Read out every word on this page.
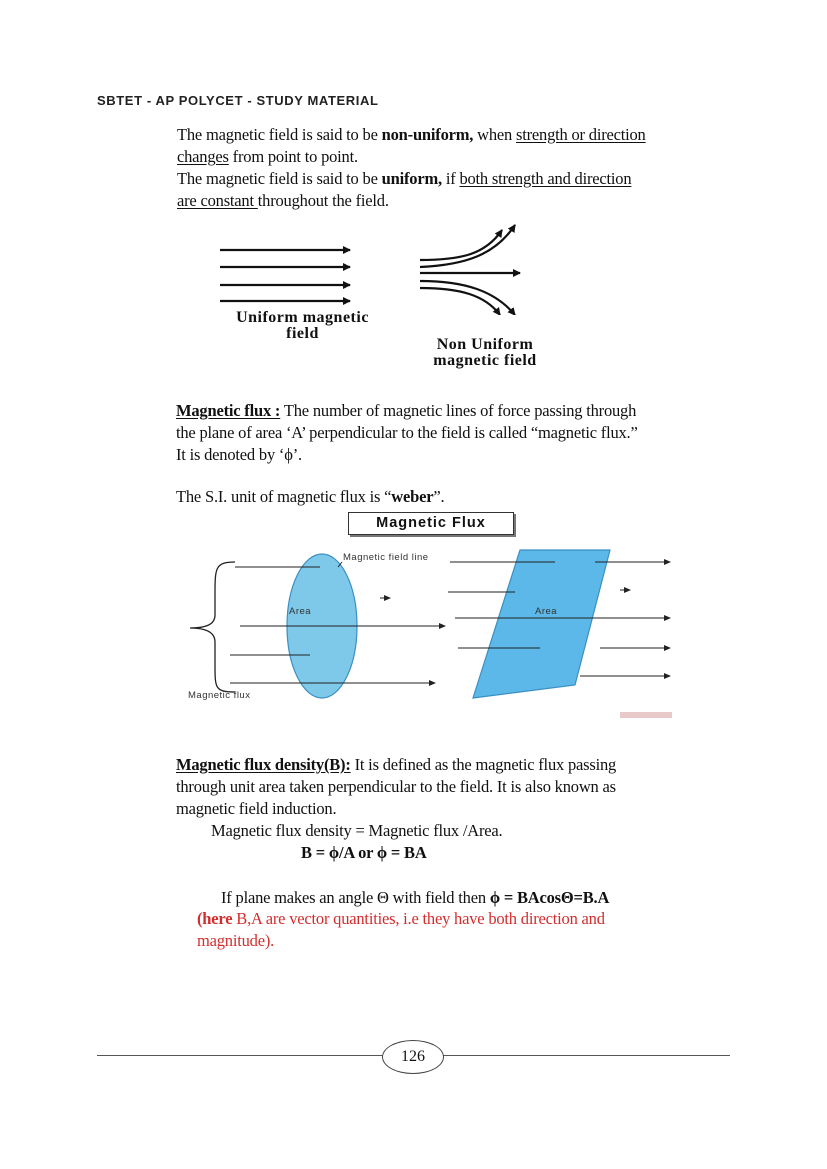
SBTET - AP POLYCET - STUDY MATERIAL
The magnetic field is said to be non-uniform, when strength or direction
changes from point to point.
The magnetic field is said to be uniform, if both strength and direction
are constant throughout the field.
Uniform magnetic
field
Non Uniform
magnetic field
Magnetic flux : The number of magnetic lines of force passing through
the plane of area ‘A’ perpendicular to the field is called “magnetic flux.”
It is denoted by ‘ϕ’.
The S.I. unit of magnetic flux is “weber”.
Magnetic Flux
Magnetic field line
Area	Area
Magnetic flux
Magnetic flux density(B): It is defined as the magnetic flux passing
through unit area taken perpendicular to the field. It is also known as
magnetic field induction.
Magnetic flux density = Magnetic flux /Area.
B = ϕ/A or ϕ = BA
If plane makes an angle Θ with field then ϕ = BAcosΘ=B.A
(here B,A are vector quantities, i.e they have both direction and
magnitude).
126
